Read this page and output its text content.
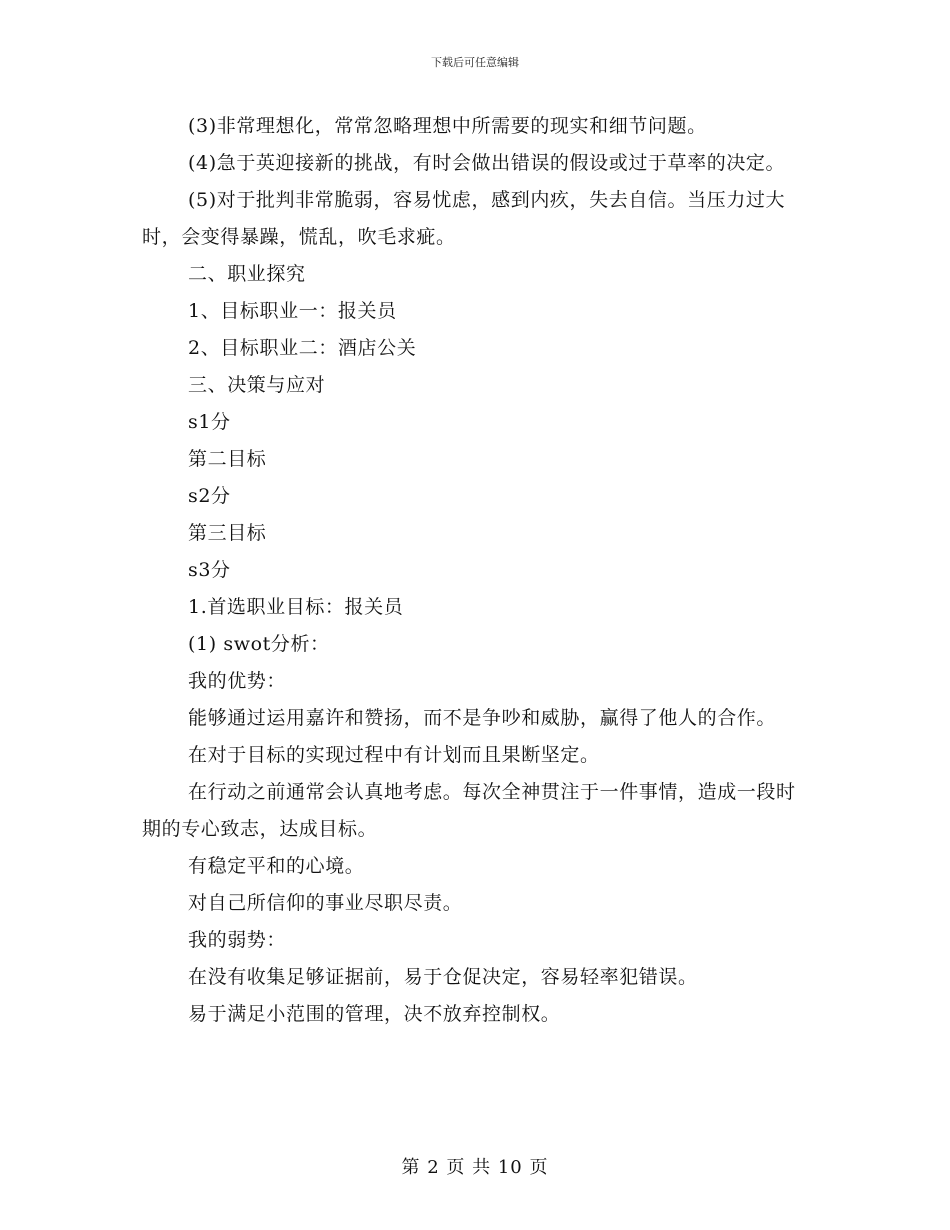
下载后可任意编辑

(3)非常理想化，常常忽略理想中所需要的现实和细节问题。

(4)急于英迎接新的挑战，有时会做出错误的假设或过于草率的决定。

(5)对于批判非常脆弱，容易忧虑，感到内疚，失去自信。当压力过大时，会变得暴躁，慌乱，吹毛求疵。

二、职业探究

1、目标职业一：报关员

2、目标职业二：酒店公关

三、决策与应对

s1分

第二目标

s2分

第三目标

s3分

1.首选职业目标：报关员

(1) swot分析：

我的优势：

能够通过运用嘉许和赞扬，而不是争吵和威胁，赢得了他人的合作。

在对于目标的实现过程中有计划而且果断坚定。

在行动之前通常会认真地考虑。每次全神贯注于一件事情，造成一段时期的专心致志，达成目标。

有稳定平和的心境。

对自己所信仰的事业尽职尽责。

我的弱势：

在没有收集足够证据前，易于仓促决定，容易轻率犯错误。

易于满足小范围的管理，决不放弃控制权。

第 2 页 共 10 页
